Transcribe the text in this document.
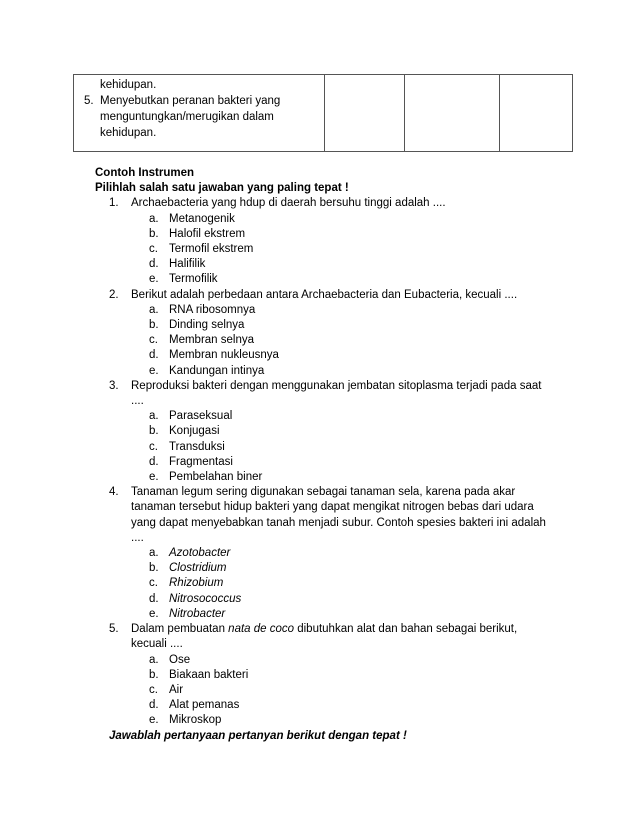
kehidupan.
5. Menyebutkan peranan bakteri yang
menguntungkan/merugikan dalam
kehidupan.
Contoh Instrumen
Pilihlah salah satu jawaban yang paling tepat !
1. Archaebacteria yang hdup di daerah bersuhu tinggi adalah ....
a. Metanogenik
b. Halofil ekstrem
c. Termofil ekstrem
d. Halifilik
e. Termofilik
2. Berikut adalah perbedaan antara Archaebacteria dan Eubacteria, kecuali ....
a. RNA ribosomnya
b. Dinding selnya
c. Membran selnya
d. Membran nukleusnya
e. Kandungan intinya
3. Reproduksi bakteri dengan menggunakan jembatan sitoplasma terjadi pada saat
....
a. Paraseksual
b. Konjugasi
c. Transduksi
d. Fragmentasi
e. Pembelahan biner
4. Tanaman legum sering digunakan sebagai tanaman sela, karena pada akar
tanaman tersebut hidup bakteri yang dapat mengikat nitrogen bebas dari udara
yang dapat menyebabkan tanah menjadi subur. Contoh spesies bakteri ini adalah
....
a. Azotobacter
b. Clostridium
c. Rhizobium
d. Nitrosococcus
e. Nitrobacter
5. Dalam pembuatan nata de coco dibutuhkan alat dan bahan sebagai berikut,
kecuali ....
a. Ose
b. Biakaan bakteri
c. Air
d. Alat pemanas
e. Mikroskop
Jawablah pertanyaan pertanyan berikut dengan tepat !
